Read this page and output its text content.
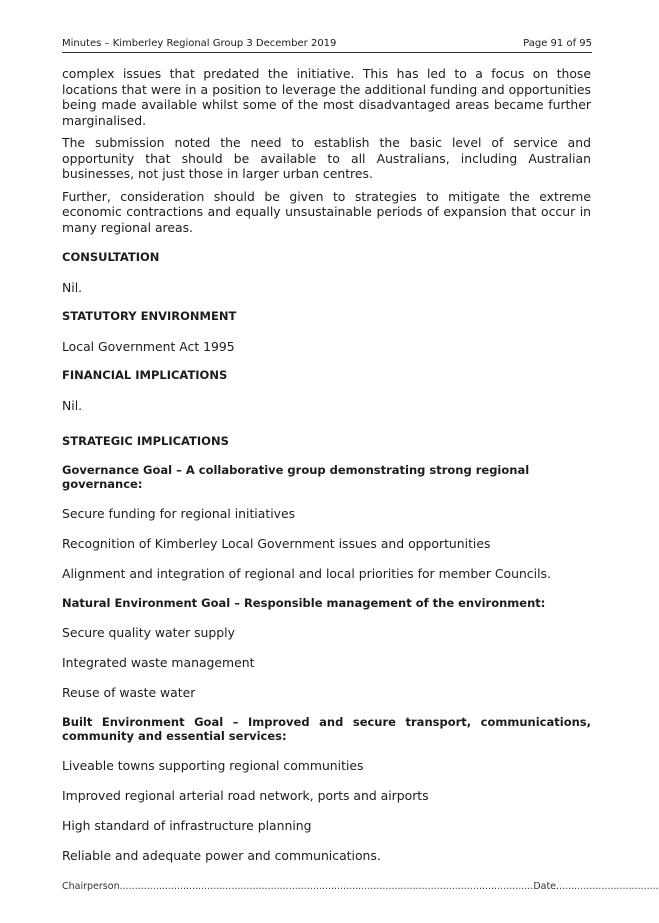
Minutes – Kimberley Regional Group 3 December 2019	Page 91 of 95

complex issues that predated the initiative. This has led to a focus on those locations that were in a position to leverage the additional funding and opportunities being made available whilst some of the most disadvantaged areas became further marginalised.

The submission noted the need to establish the basic level of service and opportunity that should be available to all Australians, including Australian businesses, not just those in larger urban centres.

Further, consideration should be given to strategies to mitigate the extreme economic contractions and equally unsustainable periods of expansion that occur in many regional areas.

CONSULTATION
Nil.
STATUTORY ENVIRONMENT
Local Government Act 1995
FINANCIAL IMPLICATIONS
Nil.
STRATEGIC IMPLICATIONS
Governance Goal – A collaborative group demonstrating strong regional governance:
Secure funding for regional initiatives
Recognition of Kimberley Local Government issues and opportunities
Alignment and integration of regional and local priorities for member Councils.
Natural Environment Goal – Responsible management of the environment:
Secure quality water supply
Integrated waste management
Reuse of waste water
Built Environment Goal – Improved and secure transport, communications, community and essential services:
Liveable towns supporting regional communities
Improved regional arterial road network, ports and airports
High standard of infrastructure planning
Reliable and adequate power and communications.
Chairperson.........................................................................................................................................Date..................................
